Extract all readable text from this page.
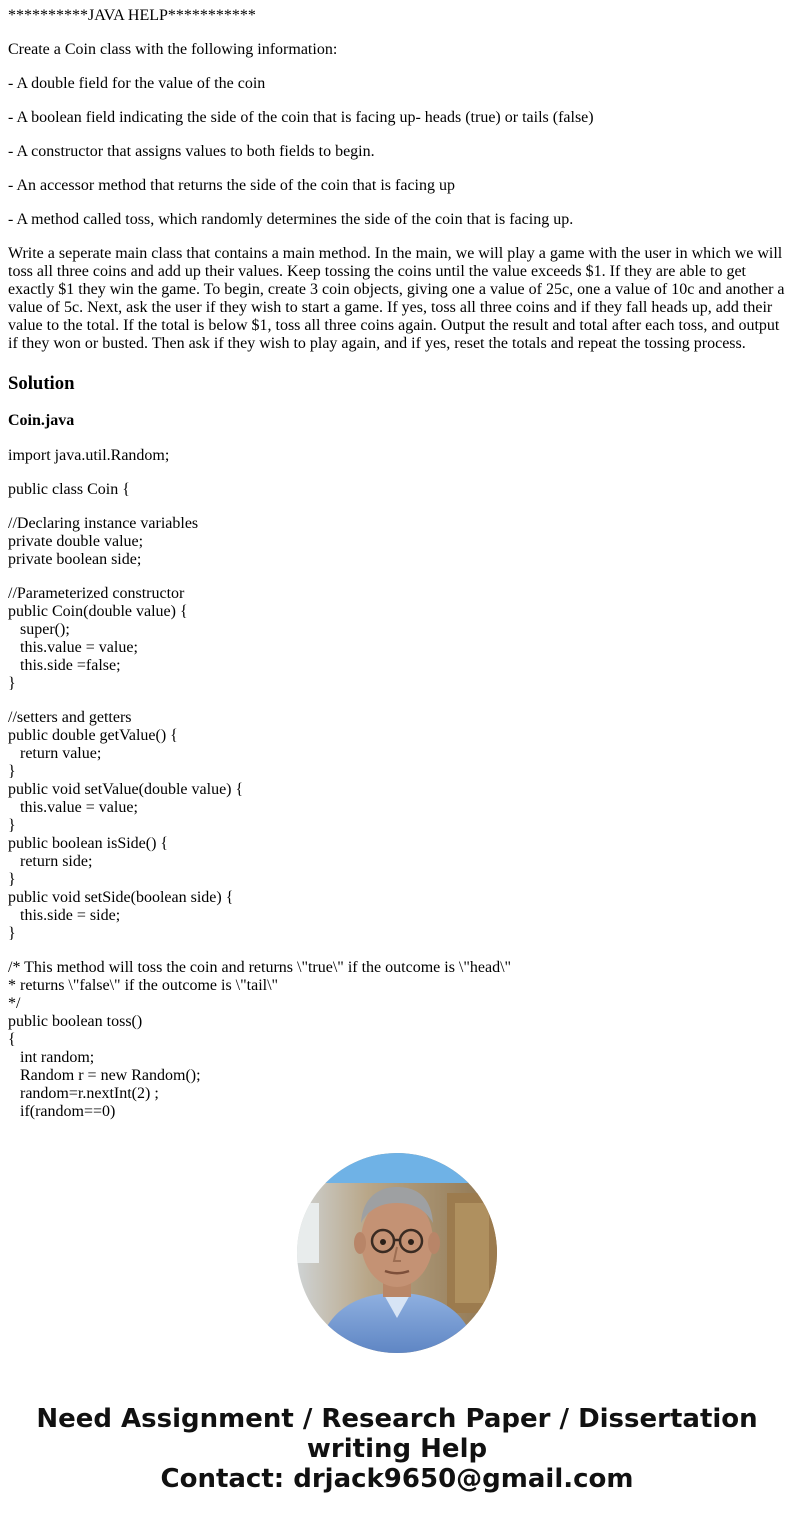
**********JAVA HELP***********

Create a Coin class with the following information:

- A double field for the value of the coin

- A boolean field indicating the side of the coin that is facing up- heads (true) or tails (false)

- A constructor that assigns values to both fields to begin.

- An accessor method that returns the side of the coin that is facing up

- A method called toss, which randomly determines the side of the coin that is facing up.

Write a seperate main class that contains a main method. In the main, we will play a game with the user in which we will toss all three coins and add up their values. Keep tossing the coins until the value exceeds $1. If they are able to get exactly $1 they win the game. To begin, create 3 coin objects, giving one a value of 25c, one a value of 10c and another a value of 5c. Next, ask the user if they wish to start a game. If yes, toss all three coins and if they fall heads up, add their value to the total. If the total is below $1, toss all three coins again. Output the result and total after each toss, and output if they won or busted. Then ask if they wish to play again, and if yes, reset the totals and repeat the tossing process.

Solution
Coin.java
import java.util.Random;
public class Coin {
//Declaring instance variables
private double value;
private boolean side;
//Parameterized constructor
public Coin(double value) {
super();
this.value = value;
this.side =false;
}
//setters and getters
public double getValue() {
return value;
}
public void setValue(double value) {
this.value = value;
}
public boolean isSide() {
return side;
}
public void setSide(boolean side) {
this.side = side;
}
/* This method will toss the coin and returns \"true\" if the outcome is \"head\"
* returns \"false\" if the outcome is \"tail\"
*/
public boolean toss()
{
int random;
Random r = new Random();
random=r.nextInt(2) ;
if(random==0)
Need Assignment / Research Paper / Dissertation
writing Help
Contact: drjack9650@gmail.com
